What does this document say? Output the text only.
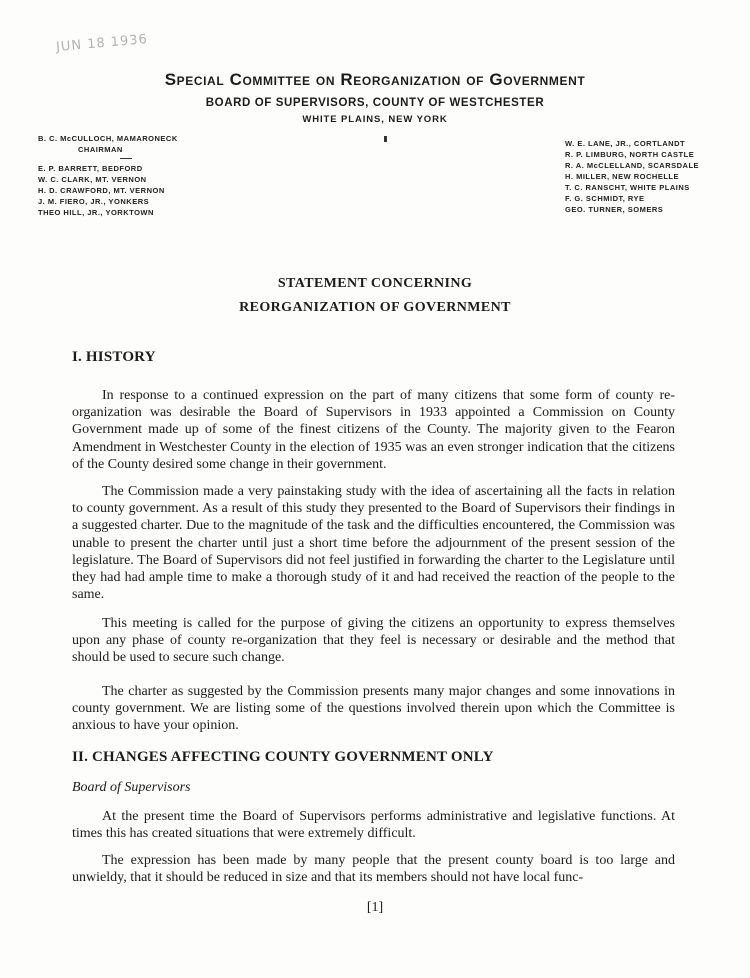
JUN 18 1936
Special Committee on Reorganization of Government
BOARD OF SUPERVISORS, COUNTY OF WESTCHESTER
WHITE PLAINS, NEW YORK
B. C. McCULLOCH, MAMARONECK
CHAIRMAN
E. P. BARRETT, BEDFORD
W. C. CLARK, MT. VERNON
H. D. CRAWFORD, MT. VERNON
J. M. FIERO, JR., YONKERS
THEO HILL, JR., YORKTOWN
W. E. LANE, JR., CORTLANDT
R. P. LIMBURG, NORTH CASTLE
R. A. McCLELLAND, SCARSDALE
H. MILLER, NEW ROCHELLE
T. C. RANSCHT, WHITE PLAINS
F. G. SCHMIDT, RYE
GEO. TURNER, SOMERS
STATEMENT CONCERNING
REORGANIZATION OF GOVERNMENT
I. HISTORY

In response to a continued expression on the part of many citizens that some form of county re-organization was desirable the Board of Supervisors in 1933 appointed a Commission on County Government made up of some of the finest citizens of the County. The majority given to the Fearon Amendment in Westchester County in the election of 1935 was an even stronger indication that the citizens of the County desired some change in their government.

The Commission made a very painstaking study with the idea of ascertaining all the facts in relation to county government. As a result of this study they presented to the Board of Supervisors their findings in a suggested charter. Due to the magnitude of the task and the difficulties encountered, the Commission was unable to present the charter until just a short time before the adjournment of the present session of the legislature. The Board of Supervisors did not feel justified in forwarding the charter to the Legislature until they had had ample time to make a thorough study of it and had received the reaction of the people to the same.

This meeting is called for the purpose of giving the citizens an opportunity to express themselves upon any phase of county re-organization that they feel is necessary or desirable and the method that should be used to secure such change.

The charter as suggested by the Commission presents many major changes and some innovations in county government. We are listing some of the questions involved therein upon which the Committee is anxious to have your opinion.

II. CHANGES AFFECTING COUNTY GOVERNMENT ONLY
Board of Supervisors

At the present time the Board of Supervisors performs administrative and legislative functions. At times this has created situations that were extremely difficult.

The expression has been made by many people that the present county board is too large and unwieldy, that it should be reduced in size and that its members should not have local func-

[1]
